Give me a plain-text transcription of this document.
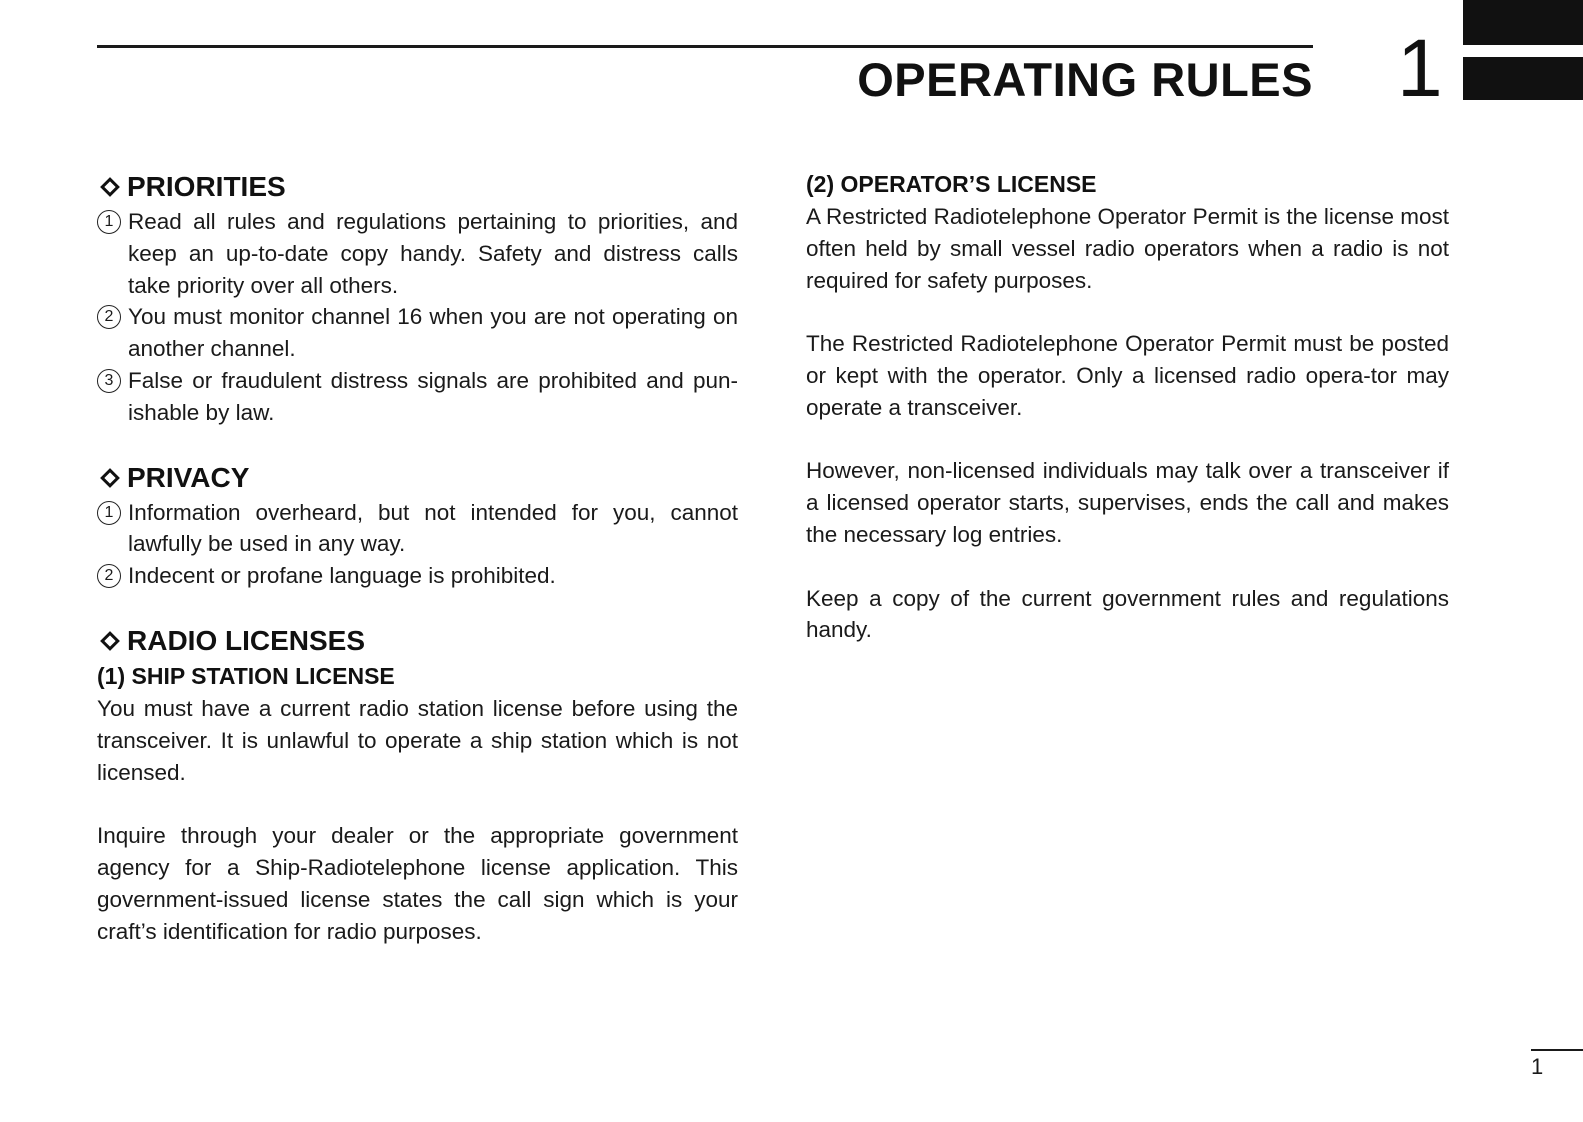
OPERATING RULES 1
PRIORITIES
1 Read all rules and regulations pertaining to priorities, and keep an up-to-date copy handy. Safety and distress calls take priority over all others.
2 You must monitor channel 16 when you are not operating on another channel.
3 False or fraudulent distress signals are prohibited and pun-ishable by law.
PRIVACY
1 Information overheard, but not intended for you, cannot lawfully be used in any way.
2 Indecent or profane language is prohibited.
RADIO LICENSES
(1) SHIP STATION LICENSE

You must have a current radio station license before using the transceiver. It is unlawful to operate a ship station which is not licensed.

Inquire through your dealer or the appropriate government agency for a Ship-Radiotelephone license application. This government-issued license states the call sign which is your craft’s identification for radio purposes.

(2) OPERATOR’S LICENSE

A Restricted Radiotelephone Operator Permit is the license most often held by small vessel radio operators when a radio is not required for safety purposes.

The Restricted Radiotelephone Operator Permit must be posted or kept with the operator. Only a licensed radio opera-tor may operate a transceiver.

However, non-licensed individuals may talk over a transceiver if a licensed operator starts, supervises, ends the call and makes the necessary log entries.

Keep a copy of the current government rules and regulations handy.

1
